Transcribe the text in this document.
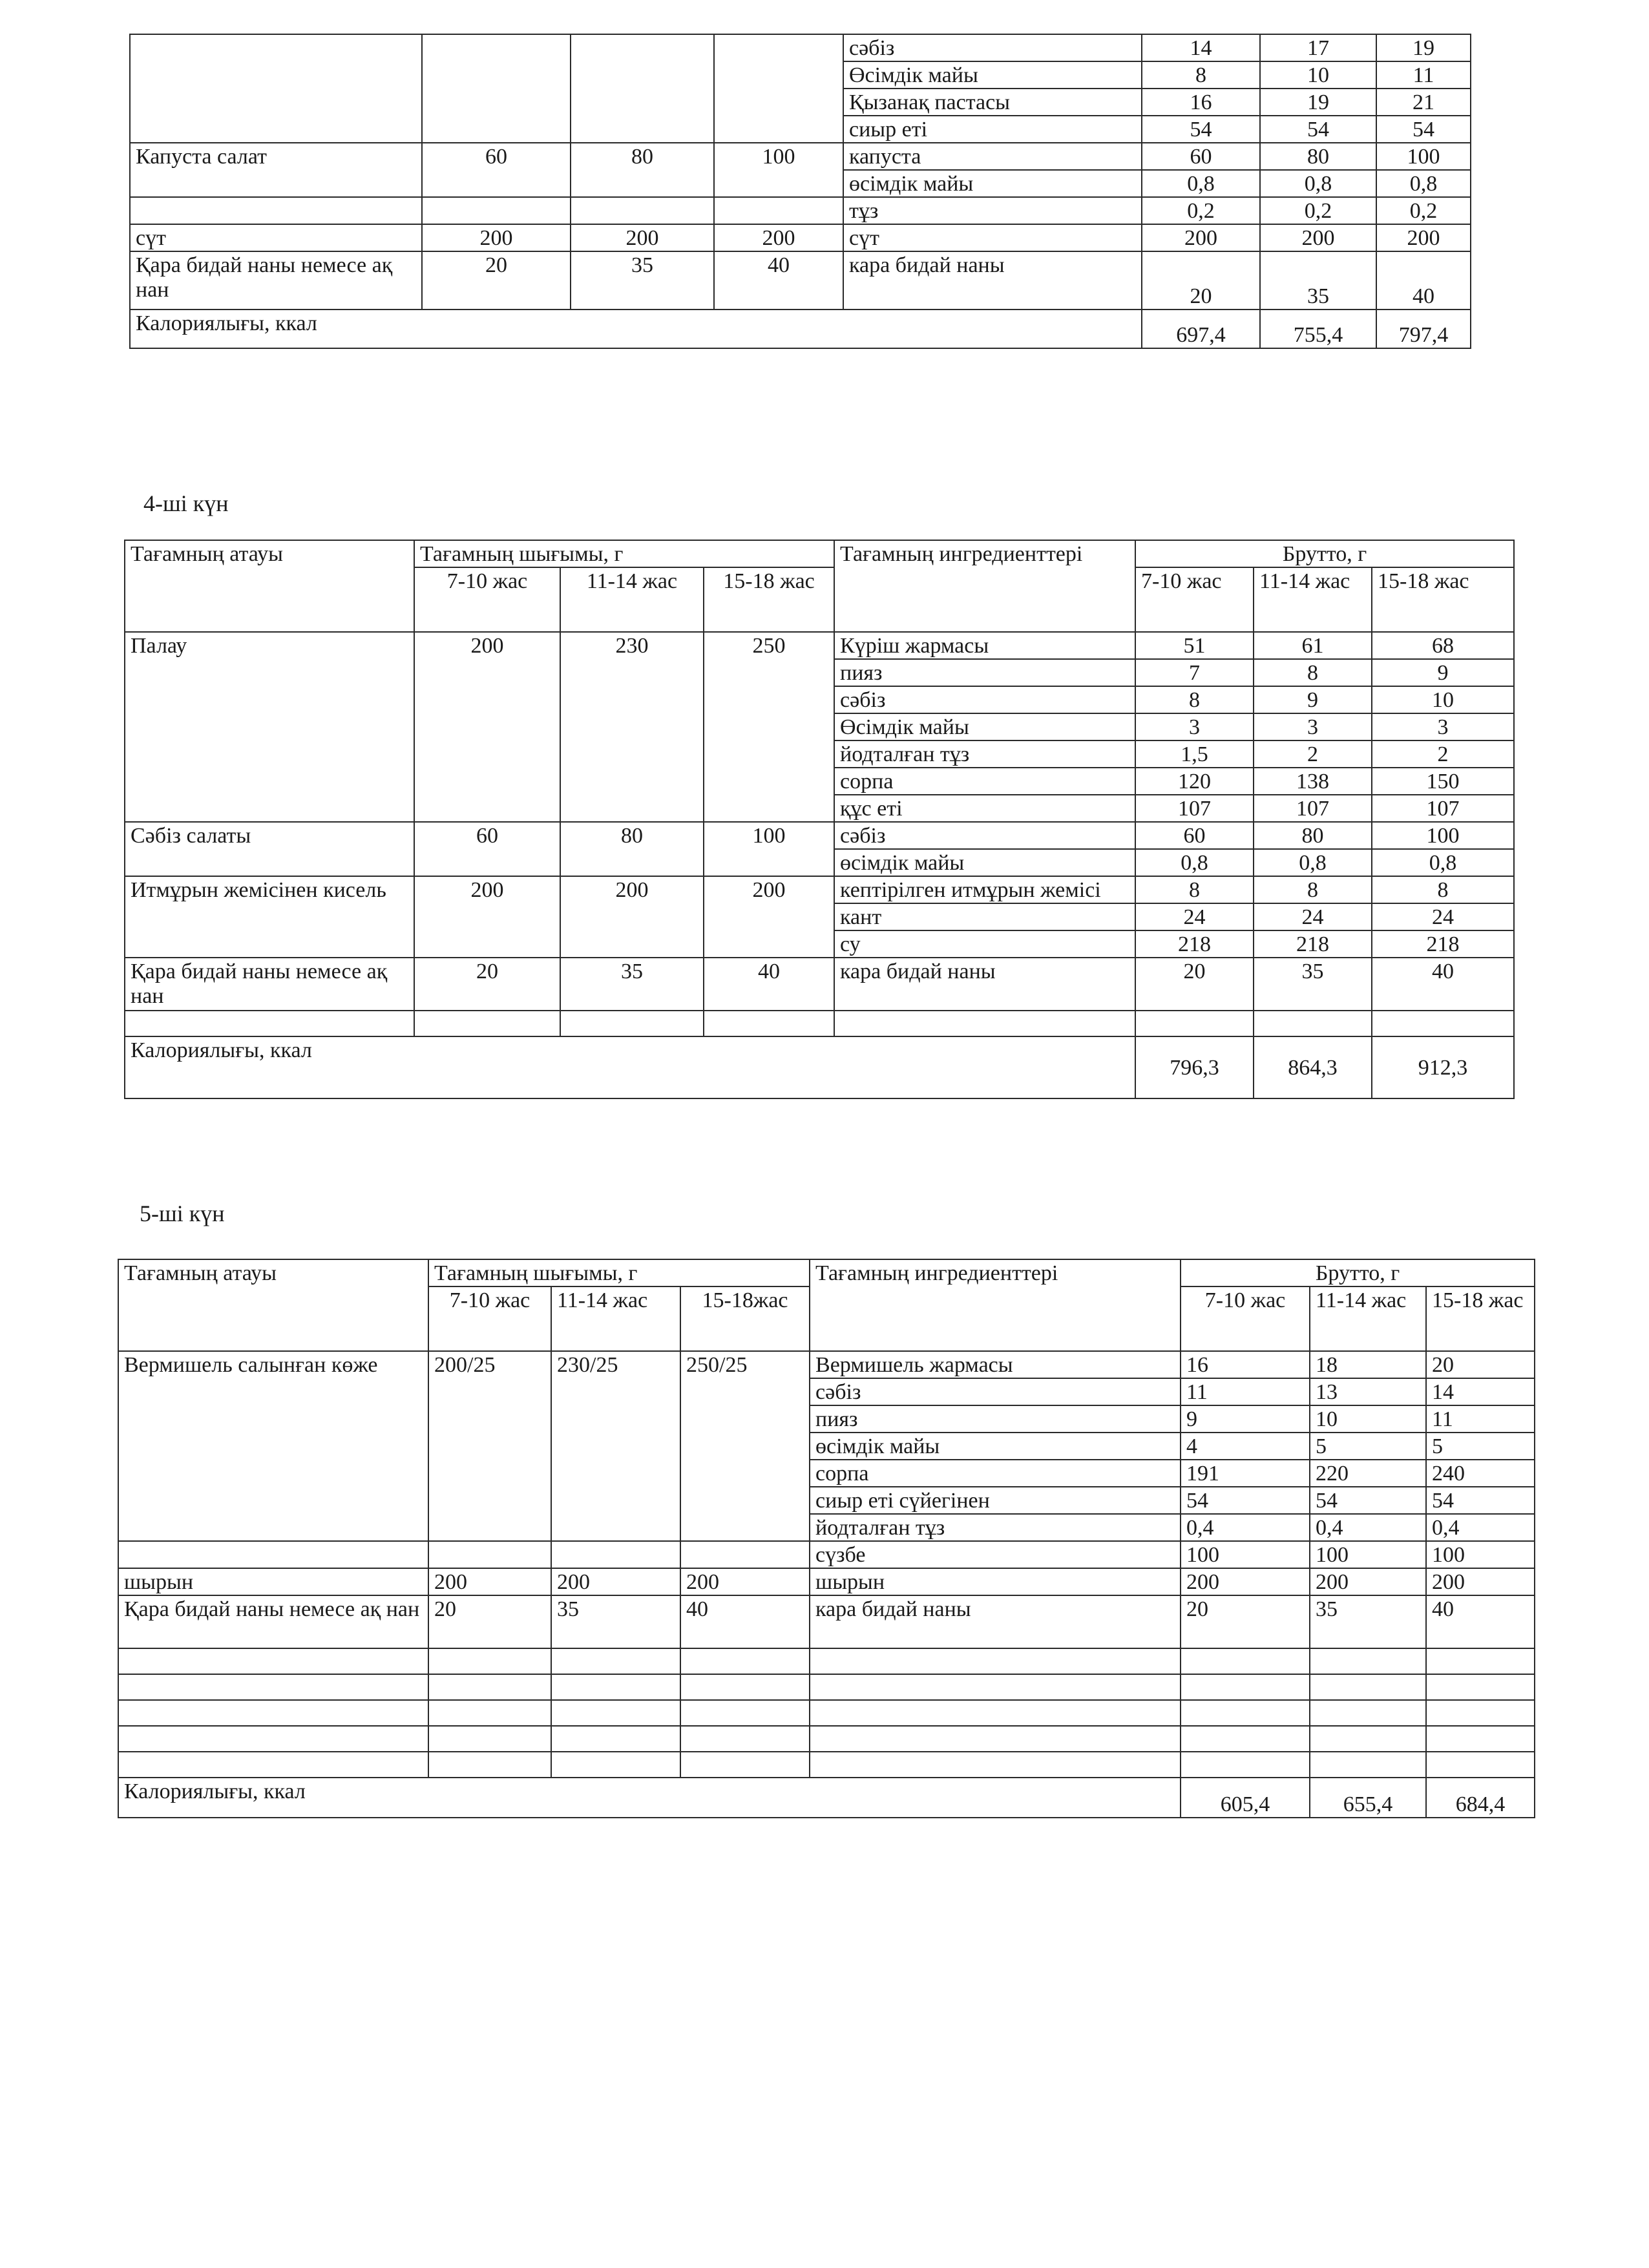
				сәбіз	14	17	19
				Өсімдік майы	8	10	11
				Қызанақ пастасы	16	19	21
				сиыр еті	54	54	54
Капуста салат	60	80	100	капуста	60	80	100
				өсімдік майы	0,8	0,8	0,8
				тұз	0,2	0,2	0,2
сүт	200	200	200	сүт	200	200	200
Қара бидай наны немесе ақ нан	20	35	40	кара бидай наны	20	35	40
Калориялығы, ккал					697,4	755,4	797,4
4-ші күн
Тағамның атауы	Тағамның шығымы, г			Тағамның ингредиенттері	Брутто, г		
	7-10 жас	11-14 жас	15-18 жас		7-10 жас	11-14 жас	15-18 жас
Палау	200	230	250	Күріш жармасы	51	61	68
				пияз	7	8	9
				сәбіз	8	9	10
				Өсімдік майы	3	3	3
				йодталған тұз	1,5	2	2
				сорпа	120	138	150
				құс еті	107	107	107
Сәбіз салаты	60	80	100	сәбіз	60	80	100
				өсімдік майы	0,8	0,8	0,8
Итмұрын жемісінен кисель	200	200	200	кептірілген итмұрын жемісі	8	8	8
				кант	24	24	24
				су	218	218	218
Қара бидай наны немесе ақ нан	20	35	40	кара бидай наны	20	35	40

Калориялығы, ккал					796,3	864,3	912,3
5-ші күн
Тағамның атауы	Тағамның шығымы, г			Тағамның ингредиенттері	Брутто, г		
	7-10 жас	11-14 жас	15-18жас		7-10 жас	11-14 жас	15-18 жас
Вермишель салынған көже	200/25	230/25	250/25	Вермишель жармасы	16	18	20
				сәбіз	11	13	14
				пияз	9	10	11
				өсімдік майы	4	5	5
				сорпа	191	220	240
				сиыр еті сүйегінен	54	54	54
				йодталған тұз	0,4	0,4	0,4
				сүзбе	100	100	100
шырын	200	200	200	шырын	200	200	200
Қара бидай наны немесе ақ нан	20	35	40	кара бидай наны	20	35	40

Калориялығы, ккал					605,4	655,4	684,4
